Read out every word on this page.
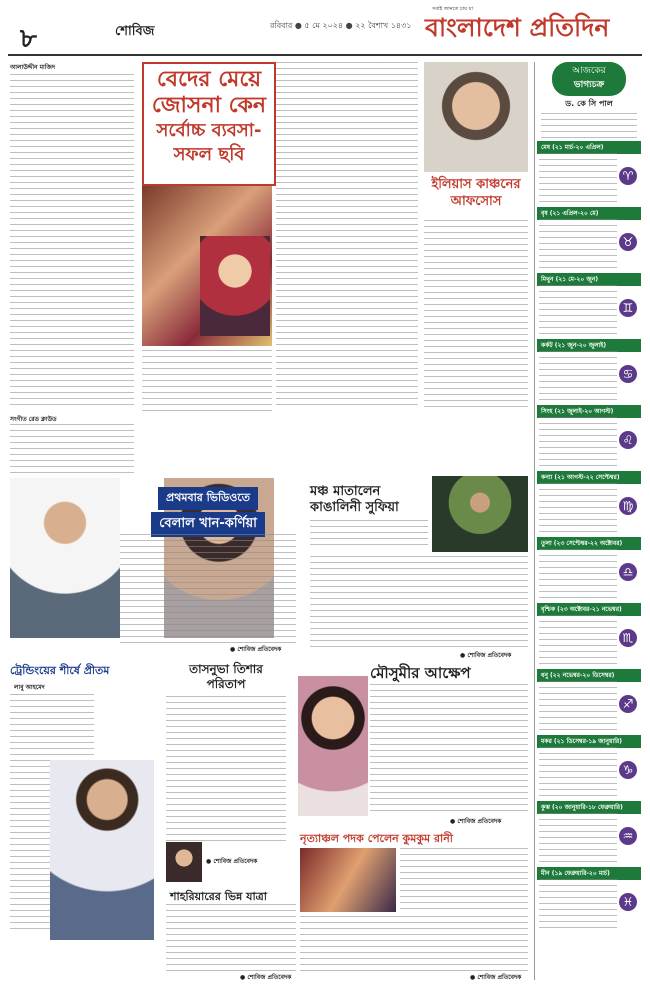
৮	শোবিজ	রবিবার ● ৫ মে ২০২৪ ● ২২ বৈশাখ ১৪৩১
সবাই জানতে চায় যা
বাংলাদেশ প্রতিদিন
আলাউদ্দীন মাজিদ
সংগীত রেড ক্লাউড
বেদের মেয়ে
জোসনা কেন
সর্বোচ্চ ব্যবসা-
সফল ছবি
ইলিয়াস কাঞ্চনের
আফসোস
আজকের
ভাগ্যচক্র
ড. কে সি পাল
মেষ (২১ মার্চ-২০ এপ্রিল)
♈
বৃষ (২১ এপ্রিল-২০ মে)
♉
মিথুন (২১ মে-২০ জুন)
♊
কর্কট (২১ জুন-২০ জুলাই)
♋
সিংহ (২১ জুলাই-২০ আগস্ট)
♌
কন্যা (২১ আগস্ট-২২ সেপ্টেম্বর)
♍
তুলা (২৩ সেপ্টেম্বর-২২ অক্টোবর)
♎
বৃশ্চিক (২৩ অক্টোবর-২১ নভেম্বর)
♏
ধনু (২২ নভেম্বর-২০ ডিসেম্বর)
♐
মকর (২১ ডিসেম্বর-১৯ জানুয়ারি)
♑
কুম্ভ (২০ জানুয়ারি-১৮ ফেব্রুয়ারি)
♒
মীন (১৯ ফেব্রুয়ারি-২০ মার্চ)
♓
প্রথমবার ভিডিওতে
বেলাল খান-কর্ণিয়া
● শোবিজ প্রতিবেদক
মঞ্চ মাতালেন
কাঙালিনী সুফিয়া
● শোবিজ প্রতিবেদক
ট্রেন্ডিংয়ের শীর্ষে প্রীতম
লাবু আহমেদ
তাসনুভা তিশার
পরিতাপ
● শোবিজ প্রতিবেদক
শাহরিয়ারের ভিন্ন যাত্রা
● শোবিজ প্রতিবেদক
মৌসুমীর আক্ষেপ
● শোবিজ প্রতিবেদক
নৃত্যাঞ্চল পদক পেলেন কুমকুম রানী
● শোবিজ প্রতিবেদক
